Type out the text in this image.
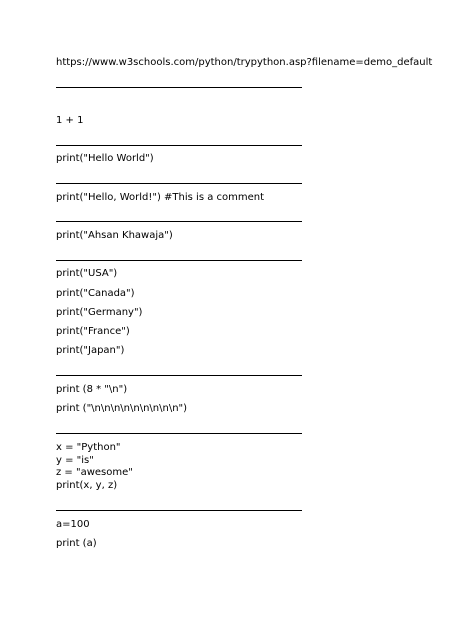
https://www.w3schools.com/python/trypython.asp?filename=demo_default
1 + 1
print("Hello World")
print("Hello, World!") #This is a comment
print("Ahsan Khawaja")
print("USA")
print("Canada")
print("Germany")
print("France")
print("Japan")
print (8 * "\n")
print ("\n\n\n\n\n\n\n\n\n")
x = "Python"
y = "is"
z = "awesome"
print(x, y, z)
a=100
print (a)
